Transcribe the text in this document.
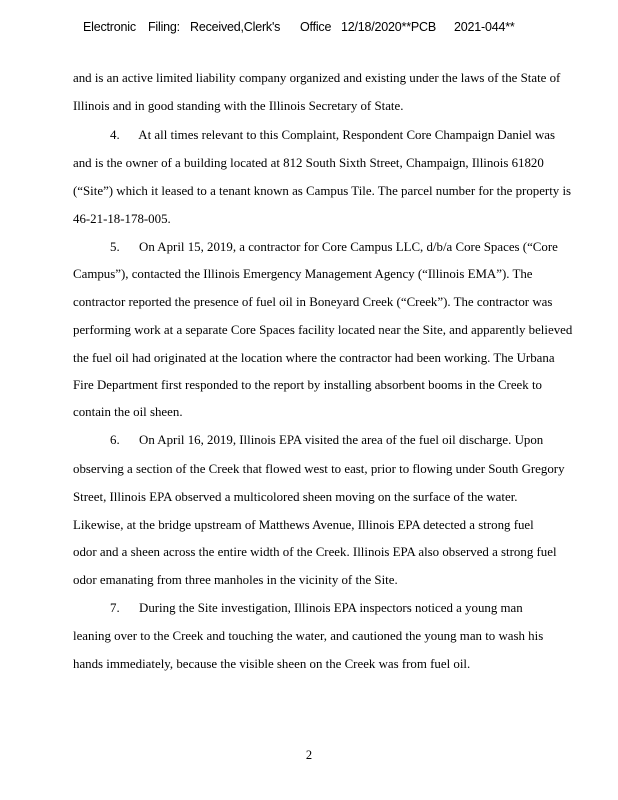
Electronic Filing: Received,Clerk's Office 12/18/2020**PCB 2021-044**
and is an active limited liability company organized and existing under the laws of the State of
Illinois and in good standing with the Illinois Secretary of State.
4.      At all times relevant to this Complaint, Respondent Core Champaign Daniel was
and is the owner of a building located at 812 South Sixth Street, Champaign, Illinois 61820
(“Site”) which it leased to a tenant known as Campus Tile. The parcel number for the property is
46-21-18-178-005.
5.      On April 15, 2019, a contractor for Core Campus LLC, d/b/a Core Spaces (“Core
Campus”), contacted the Illinois Emergency Management Agency (“Illinois EMA”). The
contractor reported the presence of fuel oil in Boneyard Creek (“Creek”). The contractor was
performing work at a separate Core Spaces facility located near the Site, and apparently believed
the fuel oil had originated at the location where the contractor had been working. The Urbana
Fire Department first responded to the report by installing absorbent booms in the Creek to
contain the oil sheen.
6.      On April 16, 2019, Illinois EPA visited the area of the fuel oil discharge. Upon
observing a section of the Creek that flowed west to east, prior to flowing under South Gregory
Street, Illinois EPA observed a multicolored sheen moving on the surface of the water.
Likewise, at the bridge upstream of Matthews Avenue, Illinois EPA detected a strong fuel
odor and a sheen across the entire width of the Creek. Illinois EPA also observed a strong fuel
odor emanating from three manholes in the vicinity of the Site.
7.      During the Site investigation, Illinois EPA inspectors noticed a young man
leaning over to the Creek and touching the water, and cautioned the young man to wash his
hands immediately, because the visible sheen on the Creek was from fuel oil.
2
